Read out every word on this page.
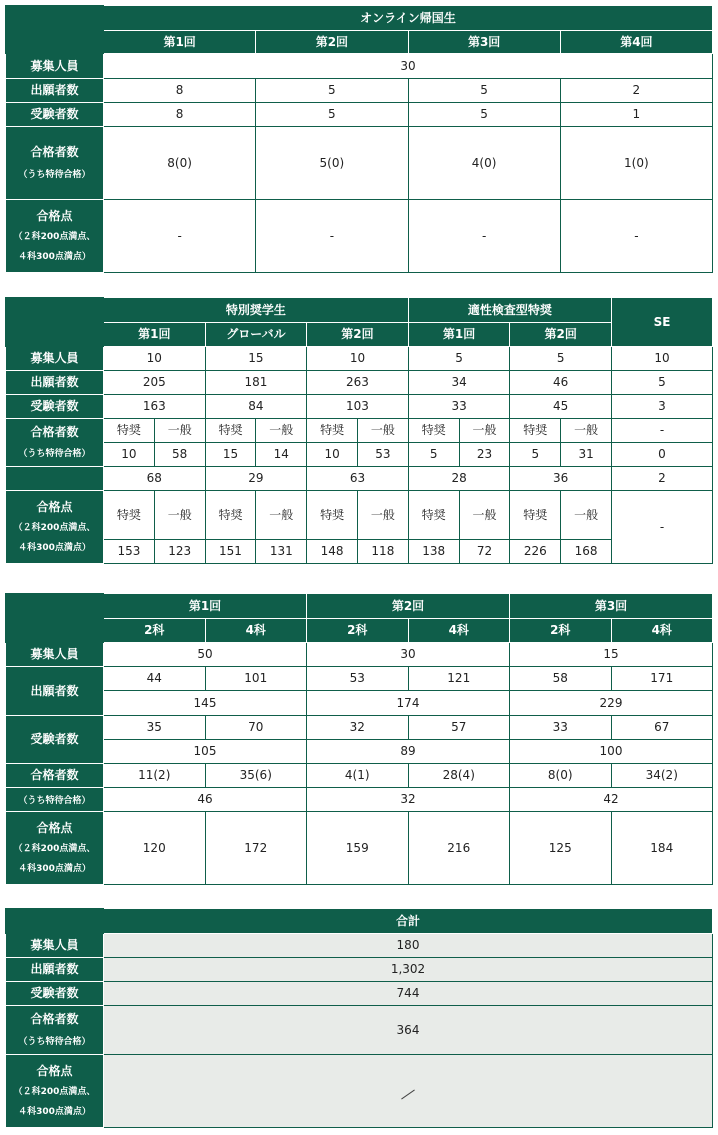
	オンライン帰国生			
	第1回	第2回	第3回	第4回
募集人員	30			
出願者数	8	5	5	2
受験者数	8	5	5	1
合格者数
（うち特待合格）	8(0)	5(0)	4(0)	1(0)
合格点
（２科200点満点、
４科300点満点）	-	-	-	-
	特別奨学生						適性検査型特奨				SE
	第1回		グローバル		第2回		第1回		第2回		
募集人員	10		15		10		5		5		10
出願者数	205		181		263		34		46		5
受験者数	163		84		103		33		45		3
合格者数
（うち特待合格）	特奨	一般	特奨	一般	特奨	一般	特奨	一般	特奨	一般	-
	10	58	15	14	10	53	5	23	5	31	0
	68		29		63		28		36		2
合格点
（２科200点満点、
４科300点満点）	特奨	一般	特奨	一般	特奨	一般	特奨	一般	特奨	一般	-
	153	123	151	131	148	118	138	72	226	168	
	第1回		第2回		第3回	
	2科	4科	2科	4科	2科	4科
募集人員	50		30		15	
出願者数	44	101	53	121	58	171
	145		174		229	
受験者数	35	70	32	57	33	67
	105		89		100	
合格者数	11(2)	35(6)	4(1)	28(4)	8(0)	34(2)
（うち特待合格）	46		32		42	
合格点
（２科200点満点、
４科300点満点）	120	172	159	216	125	184
	合計
募集人員	180
出願者数	1,302
受験者数	744
合格者数
（うち特待合格）	364
合格点
（２科200点満点、
４科300点満点）	
